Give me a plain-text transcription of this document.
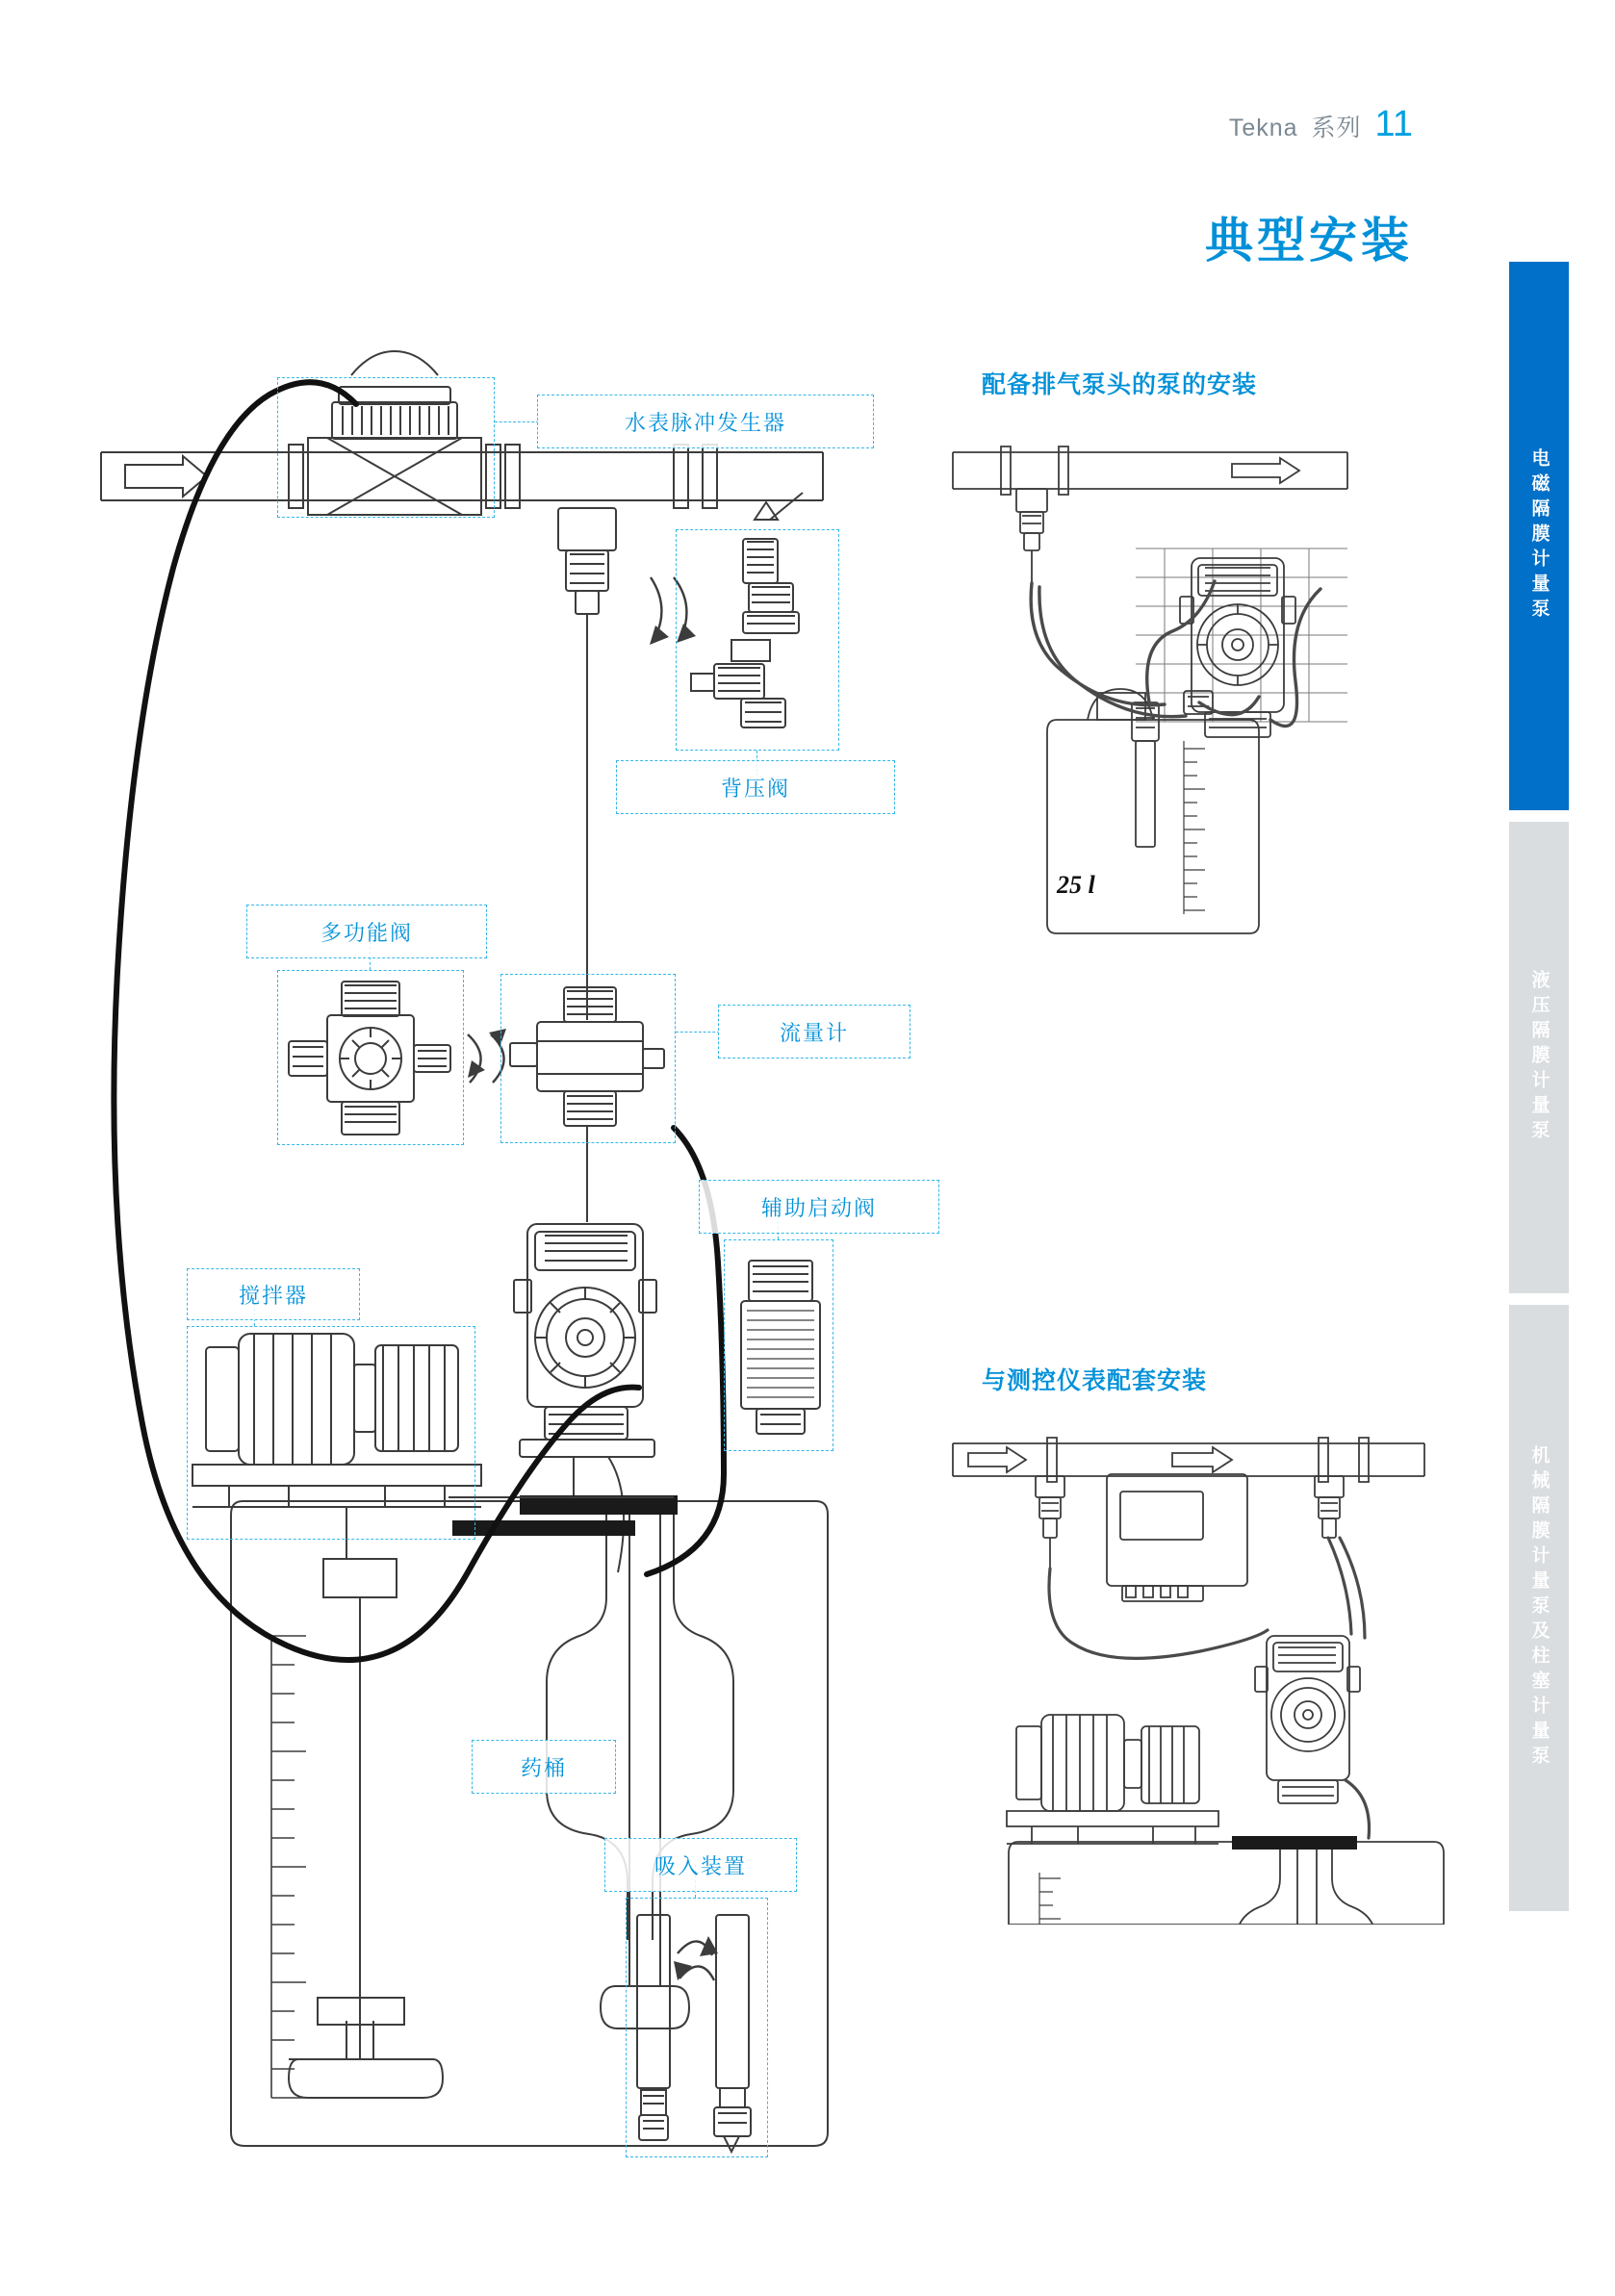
Tekna 系列 11
典型安装
电磁隔膜计量泵
液压隔膜计量泵
机械隔膜计量泵及柱塞计量泵
配备排气泵头的泵的安装
与测控仪表配套安装
25 l
水表脉冲发生器
背压阀
多功能阀
流量计
辅助启动阀
搅拌器
药桶
吸入装置
